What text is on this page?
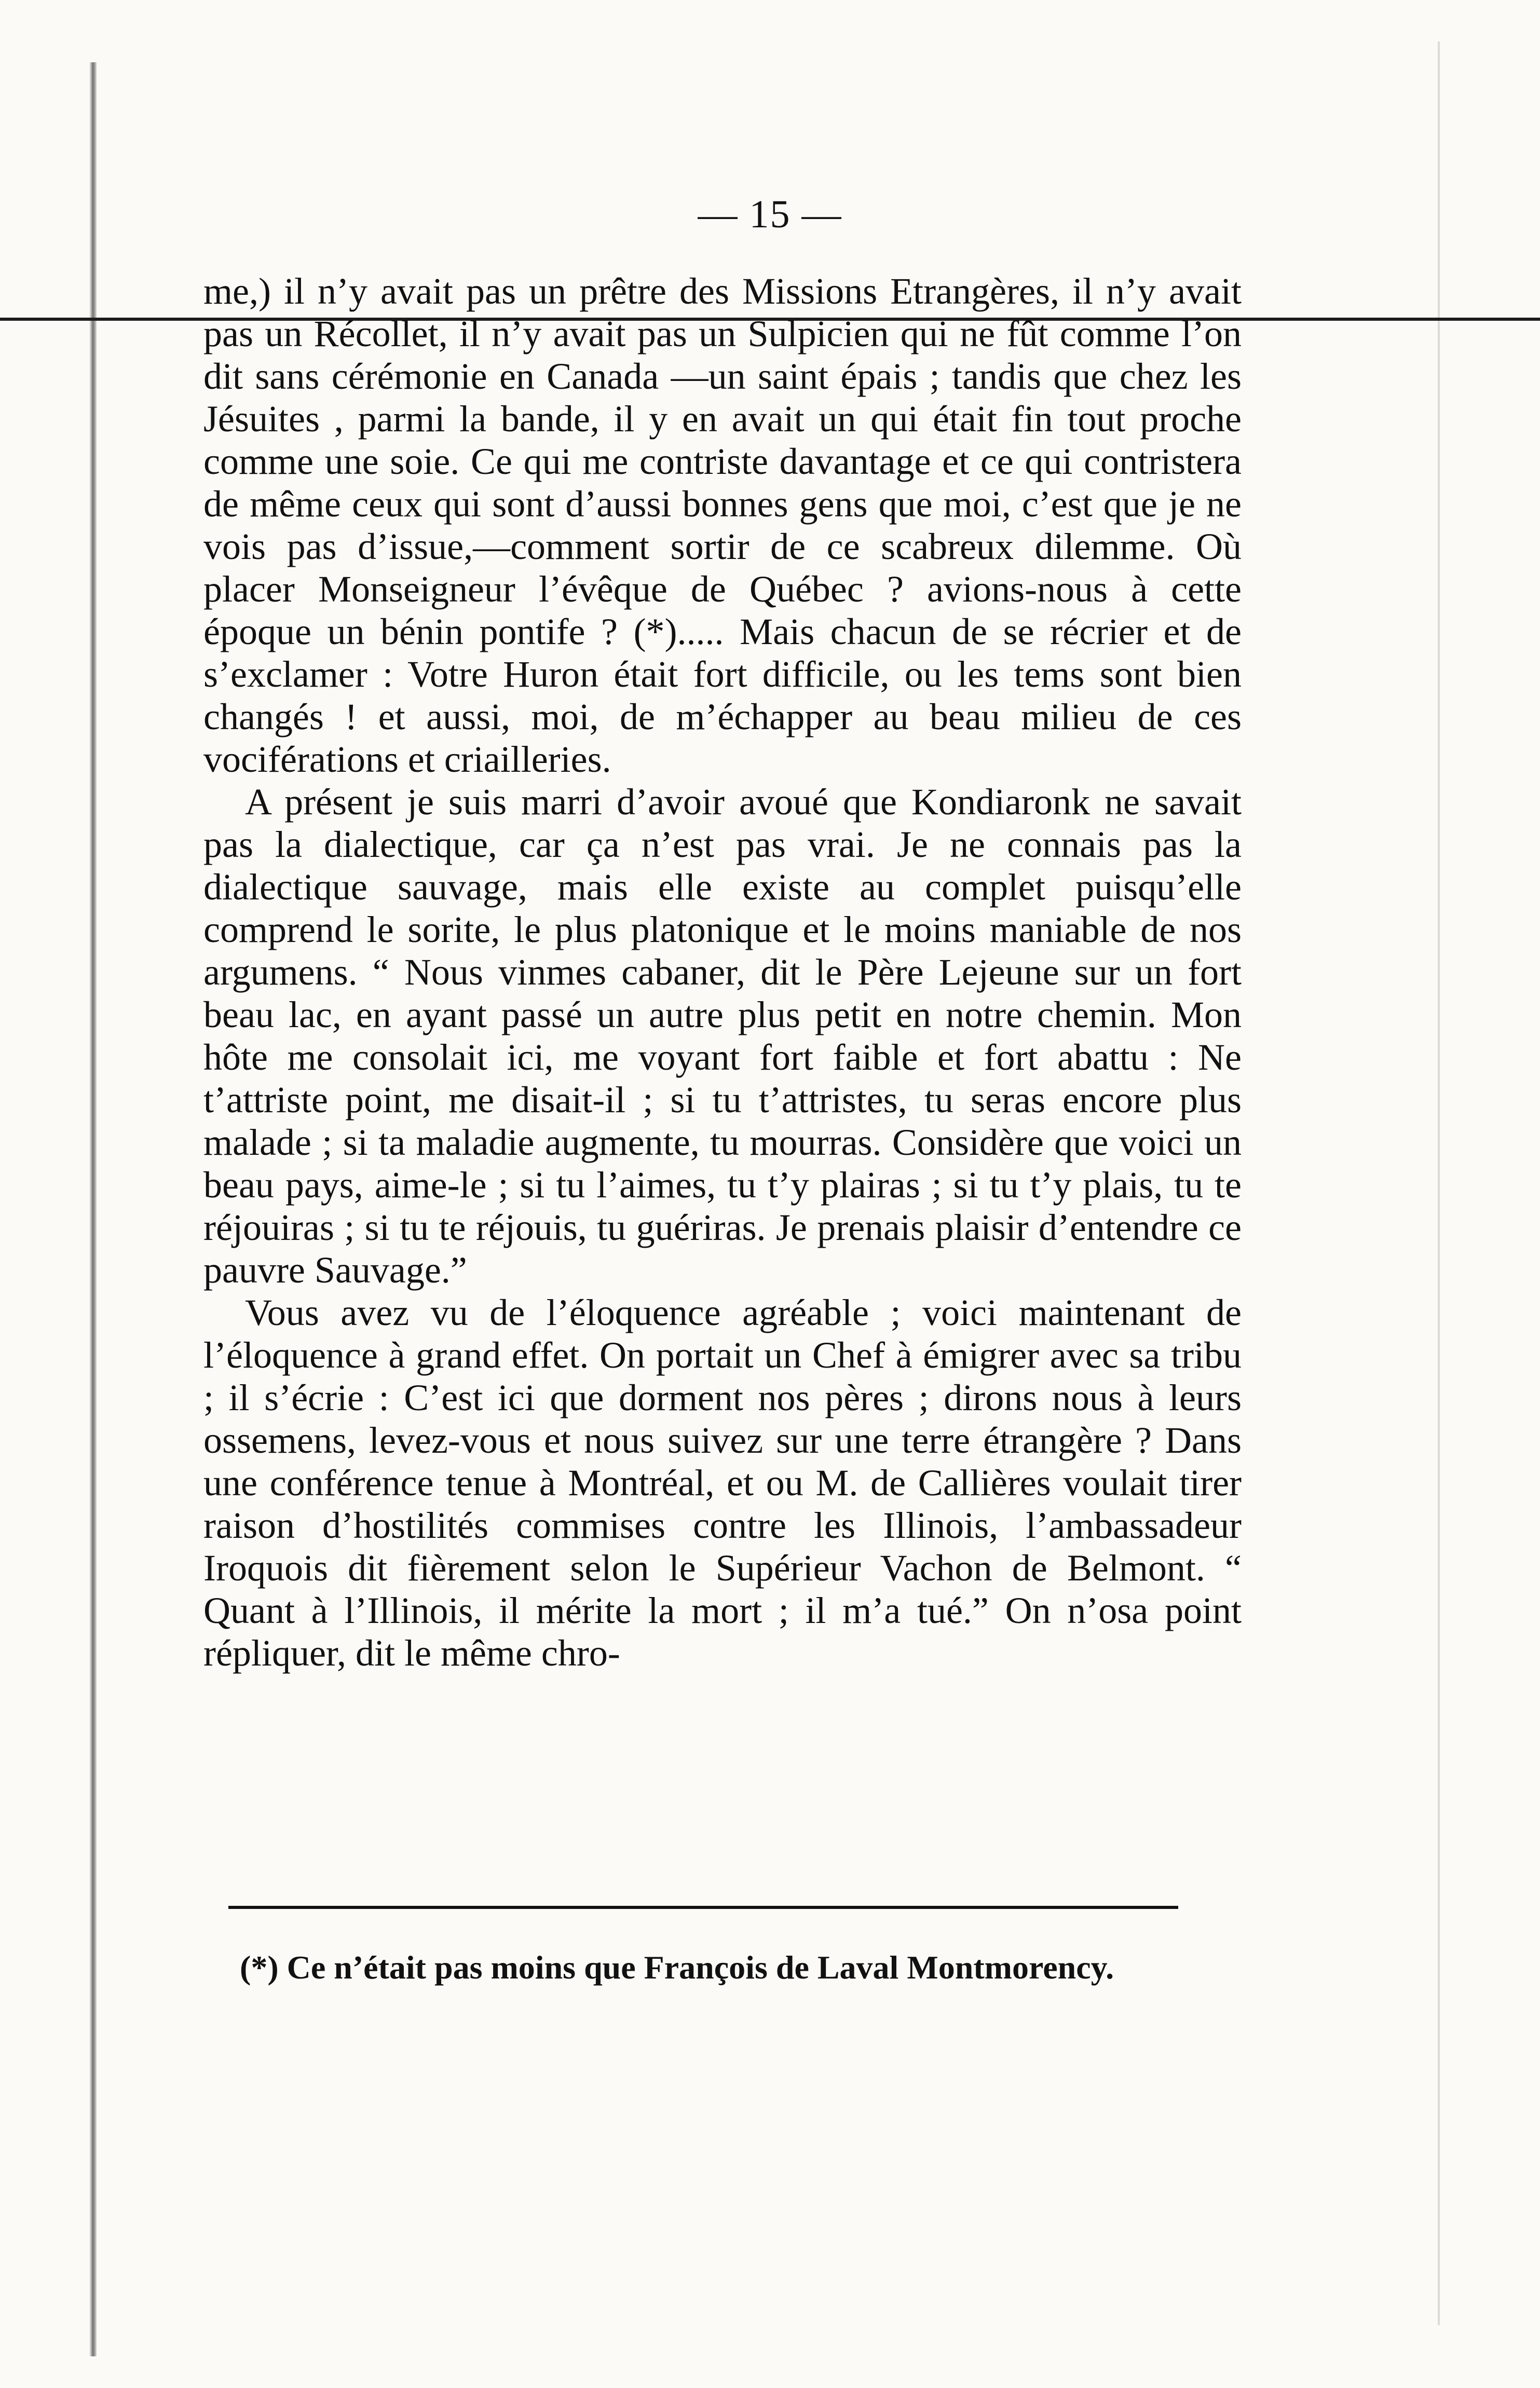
— 15 —

me,) il n’y avait pas un prêtre des Missions Etrangères, il n’y avait pas un Récollet, il n’y avait pas un Sulpicien qui ne fût comme l’on dit sans cérémonie en Canada —un saint épais ; tandis que chez les Jésuites , parmi la bande, il y en avait un qui était fin tout proche comme une soie. Ce qui me contriste davantage et ce qui contristera de même ceux qui sont d’aussi bonnes gens que moi, c’est que je ne vois pas d’issue,—comment sortir de ce scabreux dilemme. Où placer Monseigneur l’évêque de Québec ? avions-nous à cette époque un bénin pontife ? (*)..... Mais chacun de se récrier et de s’exclamer : Votre Huron était fort difficile, ou les tems sont bien changés ! et aussi, moi, de m’échapper au beau milieu de ces vociférations et criailleries.

A présent je suis marri d’avoir avoué que Kondiaronk ne savait pas la dialectique, car ça n’est pas vrai. Je ne connais pas la dialectique sauvage, mais elle existe au complet puisqu’elle comprend le sorite, le plus platonique et le moins maniable de nos argumens. “ Nous vinmes cabaner, dit le Père Lejeune sur un fort beau lac, en ayant passé un autre plus petit en notre chemin. Mon hôte me consolait ici, me voyant fort faible et fort abattu : Ne t’attriste point, me disait-il ; si tu t’attristes, tu seras encore plus malade ; si ta maladie augmente, tu mourras. Considère que voici un beau pays, aime-le ; si tu l’aimes, tu t’y plairas ; si tu t’y plais, tu te réjouiras ; si tu te réjouis, tu guériras. Je prenais plaisir d’entendre ce pauvre Sauvage.”

Vous avez vu de l’éloquence agréable ; voici maintenant de l’éloquence à grand effet. On portait un Chef à émigrer avec sa tribu ; il s’écrie : C’est ici que dorment nos pères ; dirons nous à leurs ossemens, levez-vous et nous suivez sur une terre étrangère ? Dans une conférence tenue à Montréal, et ou M. de Callières voulait tirer raison d’hostilités commises contre les Illinois, l’ambassadeur Iroquois dit fièrement selon le Supérieur Vachon de Belmont. “ Quant à l’Illinois, il mérite la mort ; il m’a tué.” On n’osa point répliquer, dit le même chro-

(*) Ce n’était pas moins que François de Laval Montmorency.
